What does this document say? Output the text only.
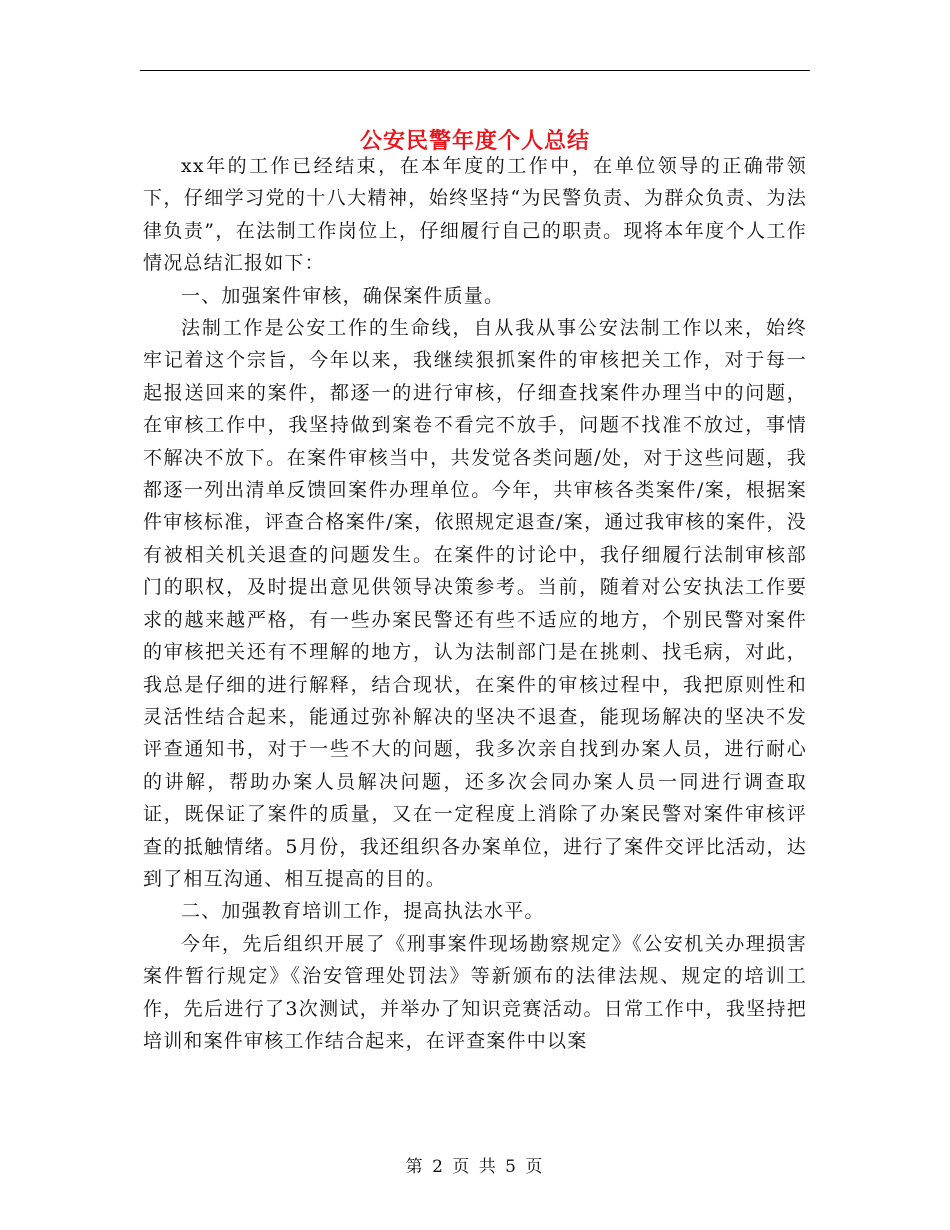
公安民警年度个人总结

xx年的工作已经结束，在本年度的工作中，在单位领导的正确带领下，仔细学习党的十八大精神，始终坚持“为民警负责、为群众负责、为法律负责”，在法制工作岗位上，仔细履行自己的职责。现将本年度个人工作情况总结汇报如下：

一、加强案件审核，确保案件质量。

法制工作是公安工作的生命线，自从我从事公安法制工作以来，始终牢记着这个宗旨，今年以来，我继续狠抓案件的审核把关工作，对于每一起报送回来的案件，都逐一的进行审核，仔细查找案件办理当中的问题，在审核工作中，我坚持做到案卷不看完不放手，问题不找准不放过，事情不解决不放下。在案件审核当中，共发觉各类问题/处，对于这些问题，我都逐一列出清单反馈回案件办理单位。今年，共审核各类案件/案，根据案件审核标准，评查合格案件/案，依照规定退查/案，通过我审核的案件，没有被相关机关退查的问题发生。在案件的讨论中，我仔细履行法制审核部门的职权，及时提出意见供领导决策参考。当前，随着对公安执法工作要求的越来越严格，有一些办案民警还有些不适应的地方，个别民警对案件的审核把关还有不理解的地方，认为法制部门是在挑刺、找毛病，对此，我总是仔细的进行解释，结合现状，在案件的审核过程中，我把原则性和灵活性结合起来，能通过弥补解决的坚决不退查，能现场解决的坚决不发评查通知书，对于一些不大的问题，我多次亲自找到办案人员，进行耐心的讲解，帮助办案人员解决问题，还多次会同办案人员一同进行调查取证，既保证了案件的质量，又在一定程度上消除了办案民警对案件审核评查的抵触情绪。5月份，我还组织各办案单位，进行了案件交评比活动，达到了相互沟通、相互提高的目的。

二、加强教育培训工作，提高执法水平。

今年，先后组织开展了《刑事案件现场勘察规定》《公安机关办理损害案件暂行规定》《治安管理处罚法》等新颁布的法律法规、规定的培训工作，先后进行了3次测试，并举办了知识竞赛活动。日常工作中，我坚持把培训和案件审核工作结合起来，在评查案件中以案

第 2 页 共 5 页
